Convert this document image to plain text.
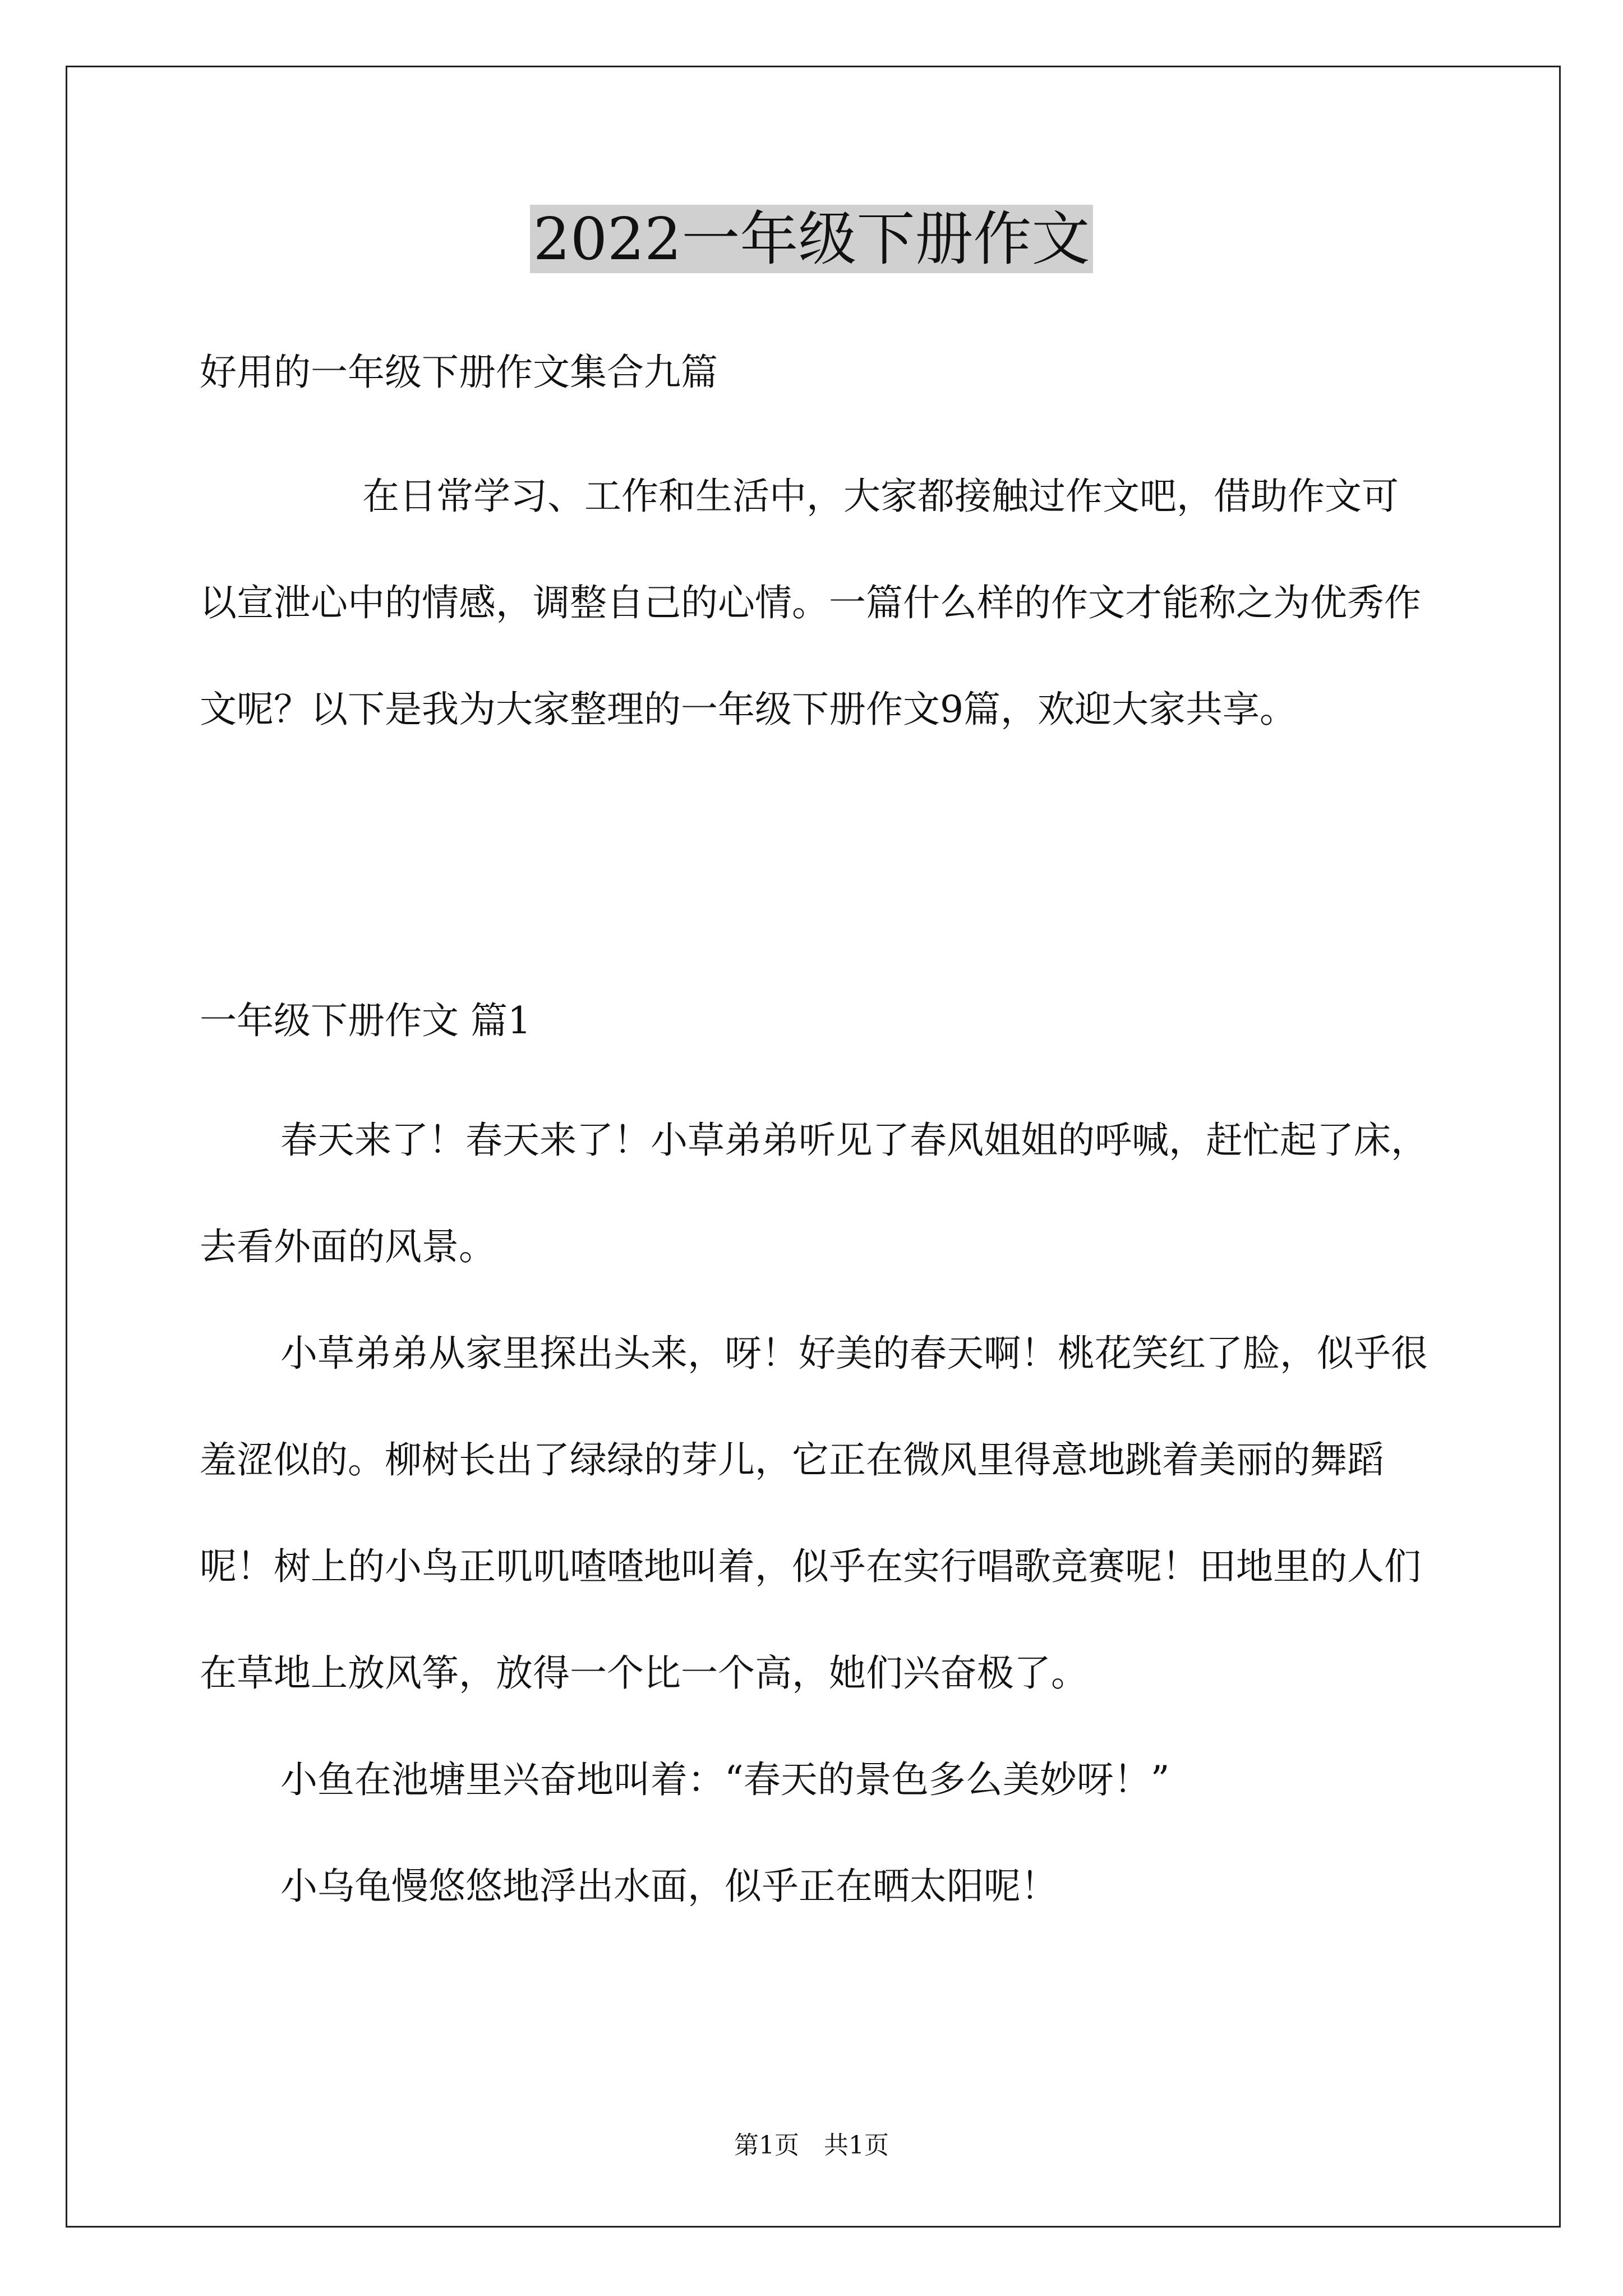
2022一年级下册作文
好用的一年级下册作文集合九篇

在日常学习、工作和生活中，大家都接触过作文吧，借助作文可以宣泄心中的情感，调整自己的心情。一篇什么样的作文才能称之为优秀作文呢？以下是我为大家整理的一年级下册作文9篇，欢迎大家共享。

一年级下册作文 篇1

春天来了！春天来了！小草弟弟听见了春风姐姐的呼喊，赶忙起了床，去看外面的风景。

小草弟弟从家里探出头来，呀！好美的春天啊！桃花笑红了脸，似乎很羞涩似的。柳树长出了绿绿的芽儿，它正在微风里得意地跳着美丽的舞蹈呢！树上的小鸟正叽叽喳喳地叫着，似乎在实行唱歌竞赛呢！田地里的人们在草地上放风筝，放得一个比一个高，她们兴奋极了。

小鱼在池塘里兴奋地叫着：“春天的景色多么美妙呀！”

小乌龟慢悠悠地浮出水面，似乎正在晒太阳呢！

第1页　共1页
